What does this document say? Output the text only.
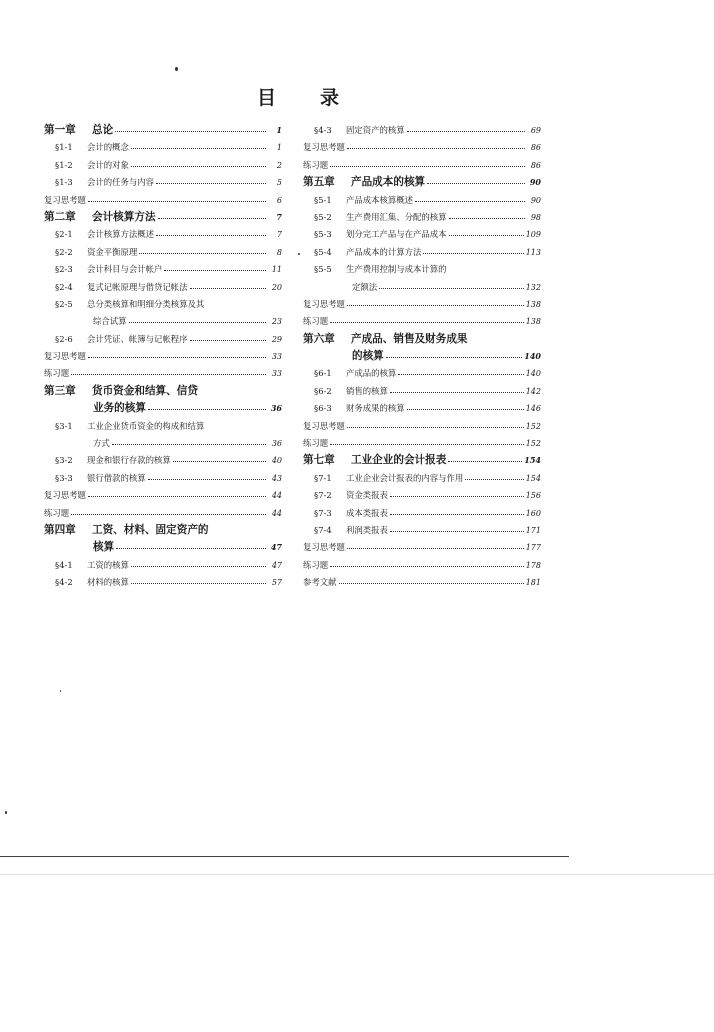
目 录
第一章	总论	1
§1-1	会计的概念	1
§1-2	会计的对象	2
§1-3	会计的任务与内容	5
复习思考题	6
第二章	会计核算方法	7
§2-1	会计核算方法概述	7
§2-2	资金平衡原理	8
§2-3	会计科目与会计帐户	11
§2-4	复式记帐原理与借贷记帐法	20
§2-5	总分类核算和明细分类核算及其
综合试算	23
§2-6	会计凭证、帐簿与记帐程序	29
复习思考题	33
练习题	33
第三章	货币资金和结算、信贷
业务的核算	36
§3-1	工业企业货币资金的构成和结算
方式	36
§3-2	现金和银行存款的核算	40
§3-3	银行借款的核算	43
复习思考题	44
练习题	44
第四章	工资、材料、固定资产的
核算	47
§4-1	工资的核算	47
§4-2	材料的核算	57
§4-3	固定资产的核算	69
复习思考题	86
练习题	86
第五章	产品成本的核算	90
§5-1	产品成本核算概述	90
§5-2	生产费用汇集、分配的核算	98
§5-3	划分完工产品与在产品成本	109
§5-4	产品成本的计算方法	113
§5-5	生产费用控制与成本计算的
定额法	132
复习思考题	138
练习题	138
第六章	产成品、销售及财务成果
的核算	140
§6-1	产成品的核算	140
§6-2	销售的核算	142
§6-3	财务成果的核算	146
复习思考题	152
练习题	152
第七章	工业企业的会计报表	154
§7-1	工业企业会计报表的内容与作用	154
§7-2	资金类报表	156
§7-3	成本类报表	160
§7-4	利润类报表	171
复习思考题	177
练习题	178
参考文献	181
